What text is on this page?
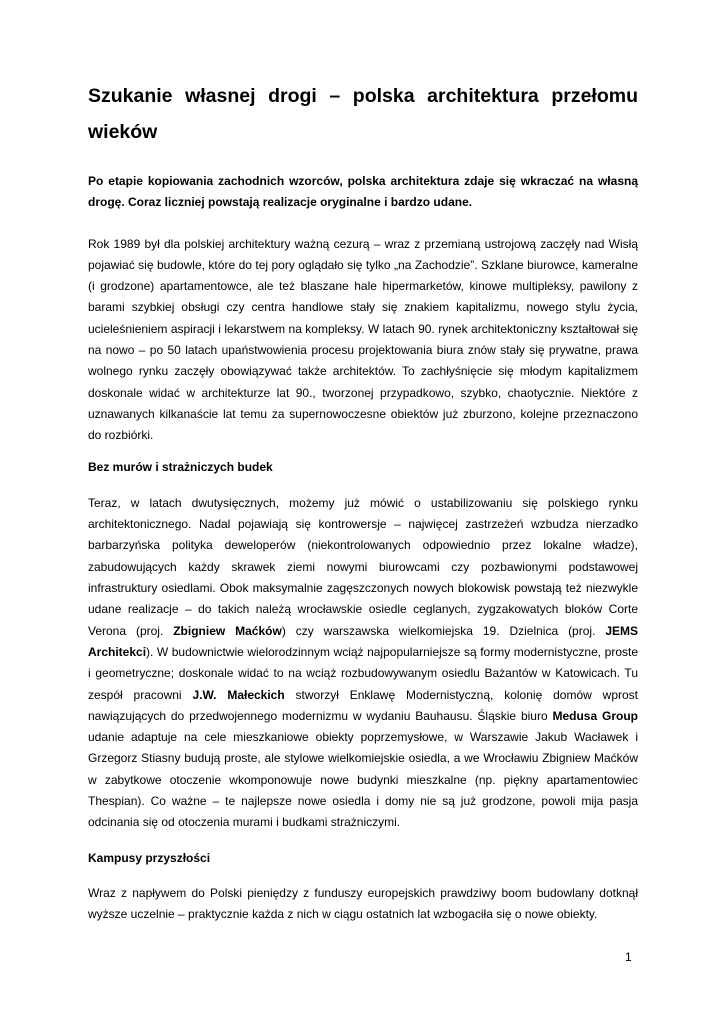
Szukanie własnej drogi – polska architektura przełomu wieków

Po etapie kopiowania zachodnich wzorców, polska architektura zdaje się wkraczać na własną drogę. Coraz liczniej powstają realizacje oryginalne i bardzo udane.

Rok 1989 był dla polskiej architektury ważną cezurą – wraz z przemianą ustrojową zaczęły nad Wisłą pojawiać się budowle, które do tej pory oglądało się tylko „na Zachodzie”. Szklane biurowce, kameralne (i grodzone) apartamentowce, ale też blaszane hale hipermarketów, kinowe multipleksy, pawilony z barami szybkiej obsługi czy centra handlowe stały się znakiem kapitalizmu, nowego stylu życia, ucieleśnieniem aspiracji i lekarstwem na kompleksy. W latach 90. rynek architektoniczny kształtował się na nowo – po 50 latach upaństwowienia procesu projektowania biura znów stały się prywatne, prawa wolnego rynku zaczęły obowiązywać także architektów. To zachłyśnięcie się młodym kapitalizmem doskonale widać w architekturze lat 90., tworzonej przypadkowo, szybko, chaotycznie. Niektóre z uznawanych kilkanaście lat temu za supernowoczesne obiektów już zburzono, kolejne przeznaczono do rozbiórki.

Bez murów i strażniczych budek

Teraz, w latach dwutysięcznych, możemy już mówić o ustabilizowaniu się polskiego rynku architektonicznego. Nadal pojawiają się kontrowersje – najwięcej zastrzeżeń wzbudza nierzadko barbarzyńska polityka deweloperów (niekontrolowanych odpowiednio przez lokalne władze), zabudowujących każdy skrawek ziemi nowymi biurowcami czy pozbawionymi podstawowej infrastruktury osiedlami. Obok maksymalnie zagęszczonych nowych blokowisk powstają też niezwykle udane realizacje – do takich należą wrocławskie osiedle ceglanych, zygzakowatych bloków Corte Verona (proj. Zbigniew Maćków) czy warszawska wielkomiejska 19. Dzielnica (proj. JEMS Architekci). W budownictwie wielorodzinnym wciąż najpopularniejsze są formy modernistyczne, proste i geometryczne; doskonale widać to na wciąż rozbudowywanym osiedlu Bażantów w Katowicach. Tu zespół pracowni J.W. Małeckich stworzył Enklawę Modernistyczną, kolonię domów wprost nawiązujących do przedwojennego modernizmu w wydaniu Bauhausu. Śląskie biuro Medusa Group udanie adaptuje na cele mieszkaniowe obiekty poprzemysłowe, w Warszawie Jakub Wacławek i Grzegorz Stiasny budują proste, ale stylowe wielkomiejskie osiedla, a we Wrocławiu Zbigniew Maćków w zabytkowe otoczenie wkomponowuje nowe budynki mieszkalne (np. piękny apartamentowiec Thespian). Co ważne – te najlepsze nowe osiedla i domy nie są już grodzone, powoli mija pasja odcinania się od otoczenia murami i budkami strażniczymi.

Kampusy przyszłości

Wraz z napływem do Polski pieniędzy z funduszy europejskich prawdziwy boom budowlany dotknął wyższe uczelnie – praktycznie każda z nich w ciągu ostatnich lat wzbogaciła się o nowe obiekty.

1
